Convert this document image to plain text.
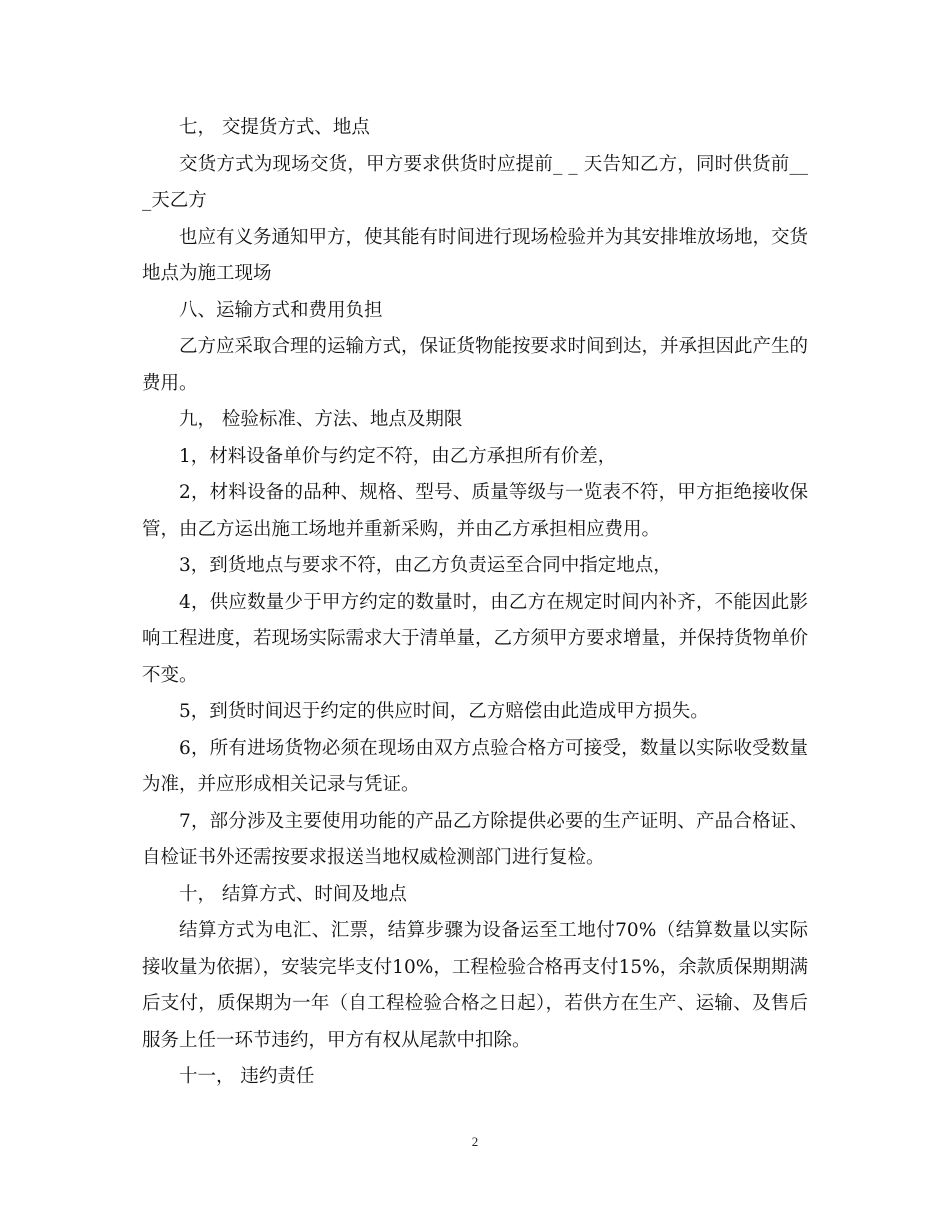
七， 交提货方式、地点

交货方式为现场交货，甲方要求供货时应提前_ _ 天告知乙方，同时供货前___天乙方

也应有义务通知甲方，使其能有时间进行现场检验并为其安排堆放场地，交货地点为施工现场

八、运输方式和费用负担

乙方应采取合理的运输方式，保证货物能按要求时间到达，并承担因此产生的费用。

九， 检验标准、方法、地点及期限

1，材料设备单价与约定不符，由乙方承担所有价差，

2，材料设备的品种、规格、型号、质量等级与一览表不符，甲方拒绝接收保管，由乙方运出施工场地并重新采购，并由乙方承担相应费用。

3，到货地点与要求不符，由乙方负责运至合同中指定地点，

4，供应数量少于甲方约定的数量时，由乙方在规定时间内补齐，不能因此影响工程进度，若现场实际需求大于清单量，乙方须甲方要求增量，并保持货物单价不变。

5，到货时间迟于约定的供应时间，乙方赔偿由此造成甲方损失。

6，所有进场货物必须在现场由双方点验合格方可接受，数量以实际收受数量为准，并应形成相关记录与凭证。

7，部分涉及主要使用功能的产品乙方除提供必要的生产证明、产品合格证、自检证书外还需按要求报送当地权威检测部门进行复检。

十， 结算方式、时间及地点

结算方式为电汇、汇票，结算步骤为设备运至工地付70%（结算数量以实际接收量为依据），安装完毕支付10%，工程检验合格再支付15%，余款质保期期满后支付，质保期为一年（自工程检验合格之日起），若供方在生产、运输、及售后服务上任一环节违约，甲方有权从尾款中扣除。

十一， 违约责任

2
